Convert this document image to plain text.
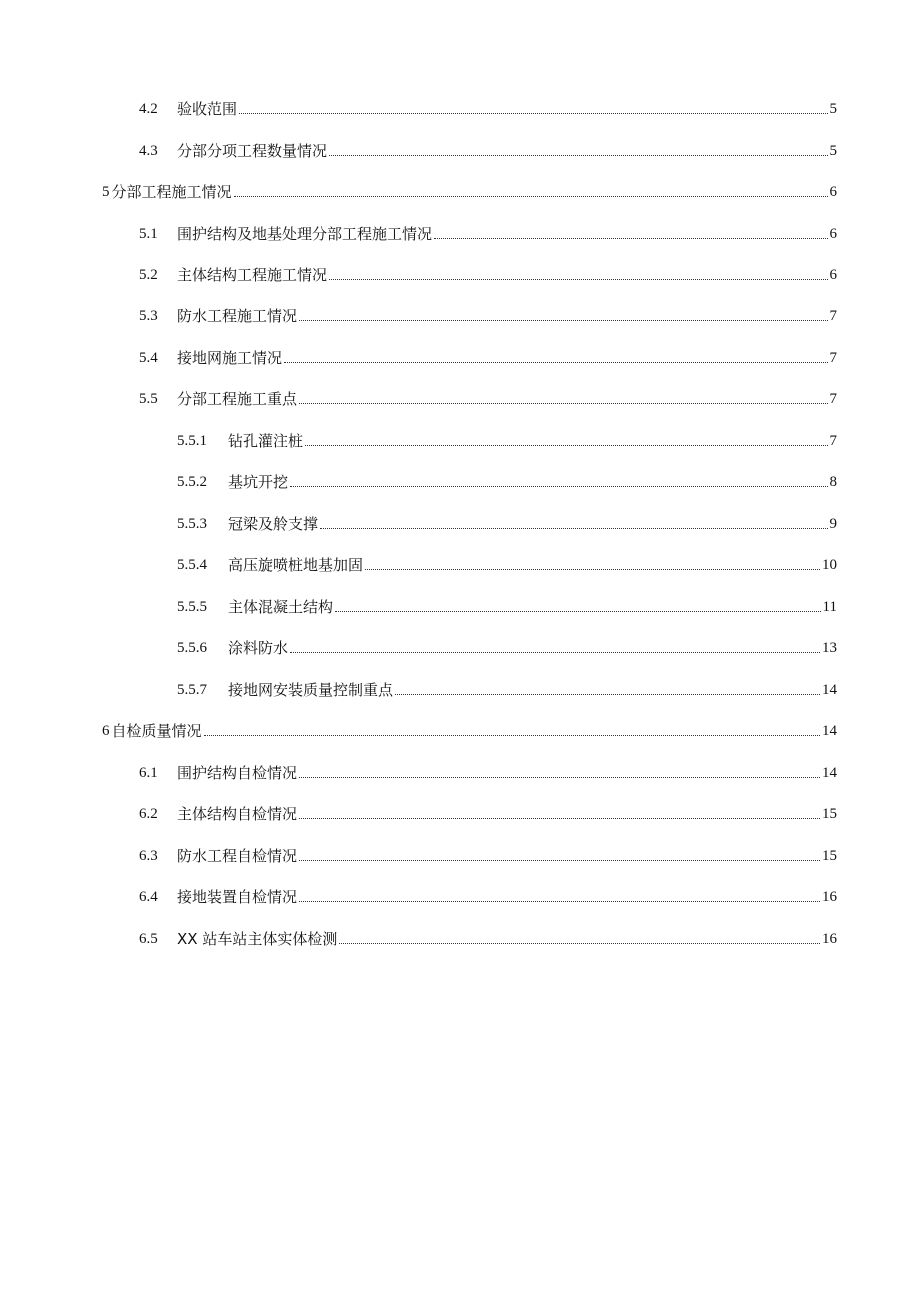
4.2	验收范围	5
4.3	分部分项工程数量情况	5
5 分部工程施工情况	6
5.1	围护结构及地基处理分部工程施工情况	6
5.2	主体结构工程施工情况	6
5.3	防水工程施工情况	7
5.4	接地网施工情况	7
5.5	分部工程施工重点	7
5.5.1	钻孔灌注桩	7
5.5.2	基坑开挖	8
5.5.3	冠梁及舲支撑	9
5.5.4	高压旋喷桩地基加固	10
5.5.5	主体混凝土结构	11
5.5.6	涂料防水	13
5.5.7	接地网安装质量控制重点	14
6 自检质量情况	14
6.1	围护结构自检情况	14
6.2	主体结构自检情况	15
6.3	防水工程自检情况	15
6.4	接地装置自检情况	16
6.5	XX 站车站主体实体检测	16
